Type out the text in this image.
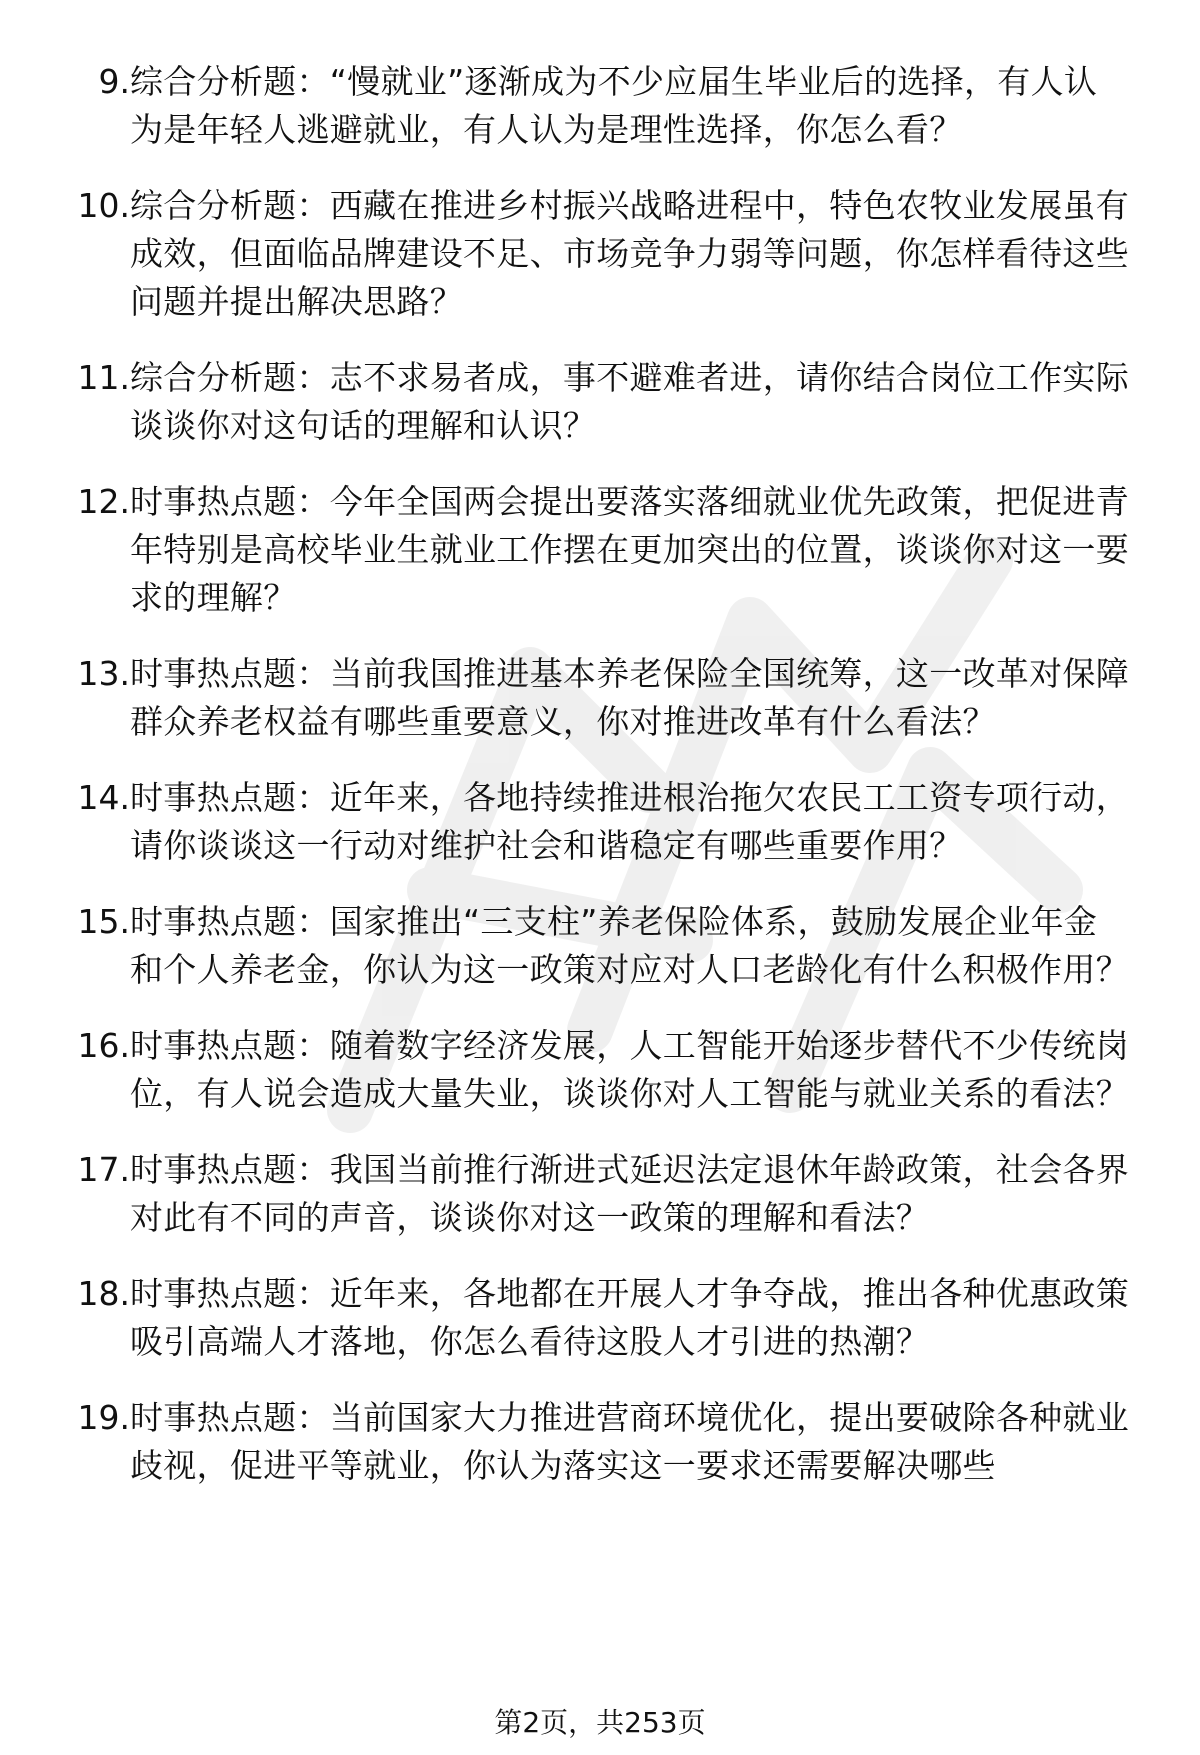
9. 综合分析题：“慢就业”逐渐成为不少应届生毕业后的选择，有人认为是年轻人逃避就业，有人认为是理性选择，你怎么看？
10. 综合分析题：西藏在推进乡村振兴战略进程中，特色农牧业发展虽有成效，但面临品牌建设不足、市场竞争力弱等问题，你怎样看待这些问题并提出解决思路？
11. 综合分析题：志不求易者成，事不避难者进，请你结合岗位工作实际谈谈你对这句话的理解和认识？
12. 时事热点题：今年全国两会提出要落实落细就业优先政策，把促进青年特别是高校毕业生就业工作摆在更加突出的位置，谈谈你对这一要求的理解？
13. 时事热点题：当前我国推进基本养老保险全国统筹，这一改革对保障群众养老权益有哪些重要意义，你对推进改革有什么看法？
14. 时事热点题：近年来，各地持续推进根治拖欠农民工工资专项行动，请你谈谈这一行动对维护社会和谐稳定有哪些重要作用？
15. 时事热点题：国家推出“三支柱”养老保险体系，鼓励发展企业年金和个人养老金，你认为这一政策对应对人口老龄化有什么积极作用？
16. 时事热点题：随着数字经济发展，人工智能开始逐步替代不少传统岗位，有人说会造成大量失业，谈谈你对人工智能与就业关系的看法？
17. 时事热点题：我国当前推行渐进式延迟法定退休年龄政策，社会各界对此有不同的声音，谈谈你对这一政策的理解和看法？
18. 时事热点题：近年来，各地都在开展人才争夺战，推出各种优惠政策吸引高端人才落地，你怎么看待这股人才引进的热潮？
19. 时事热点题：当前国家大力推进营商环境优化，提出要破除各种就业歧视，促进平等就业，你认为落实这一要求还需要解决哪些
第2页，共253页
